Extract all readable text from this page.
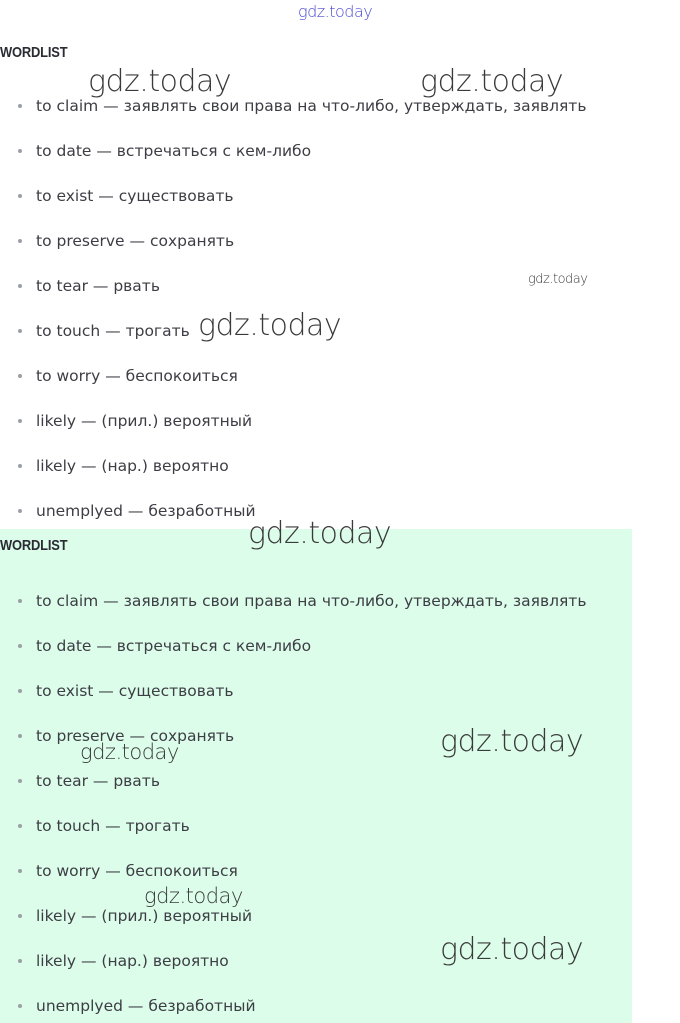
WORDLIST
to claim — заявлять свои права на что-либо, утверждать, заявлять
to date — встречаться с кем-либо
to exist — существовать
to preserve — сохранять
to tear — рвать
to touch — трогать
to worry — беспокоиться
likely — (прил.) вероятный
likely — (нар.) вероятно
unemplyed — безработный
WORDLIST
to claim — заявлять свои права на что-либо, утверждать, заявлять
to date — встречаться с кем-либо
to exist — существовать
to preserve — сохранять
to tear — рвать
to touch — трогать
to worry — беспокоиться
likely — (прил.) вероятный
likely — (нар.) вероятно
unemplyed — безработный
gdz.today
gdz.today	gdz.today
gdz.today
gdz.today
gdz.today
gdz.today	gdz.today
gdz.today
gdz.today
